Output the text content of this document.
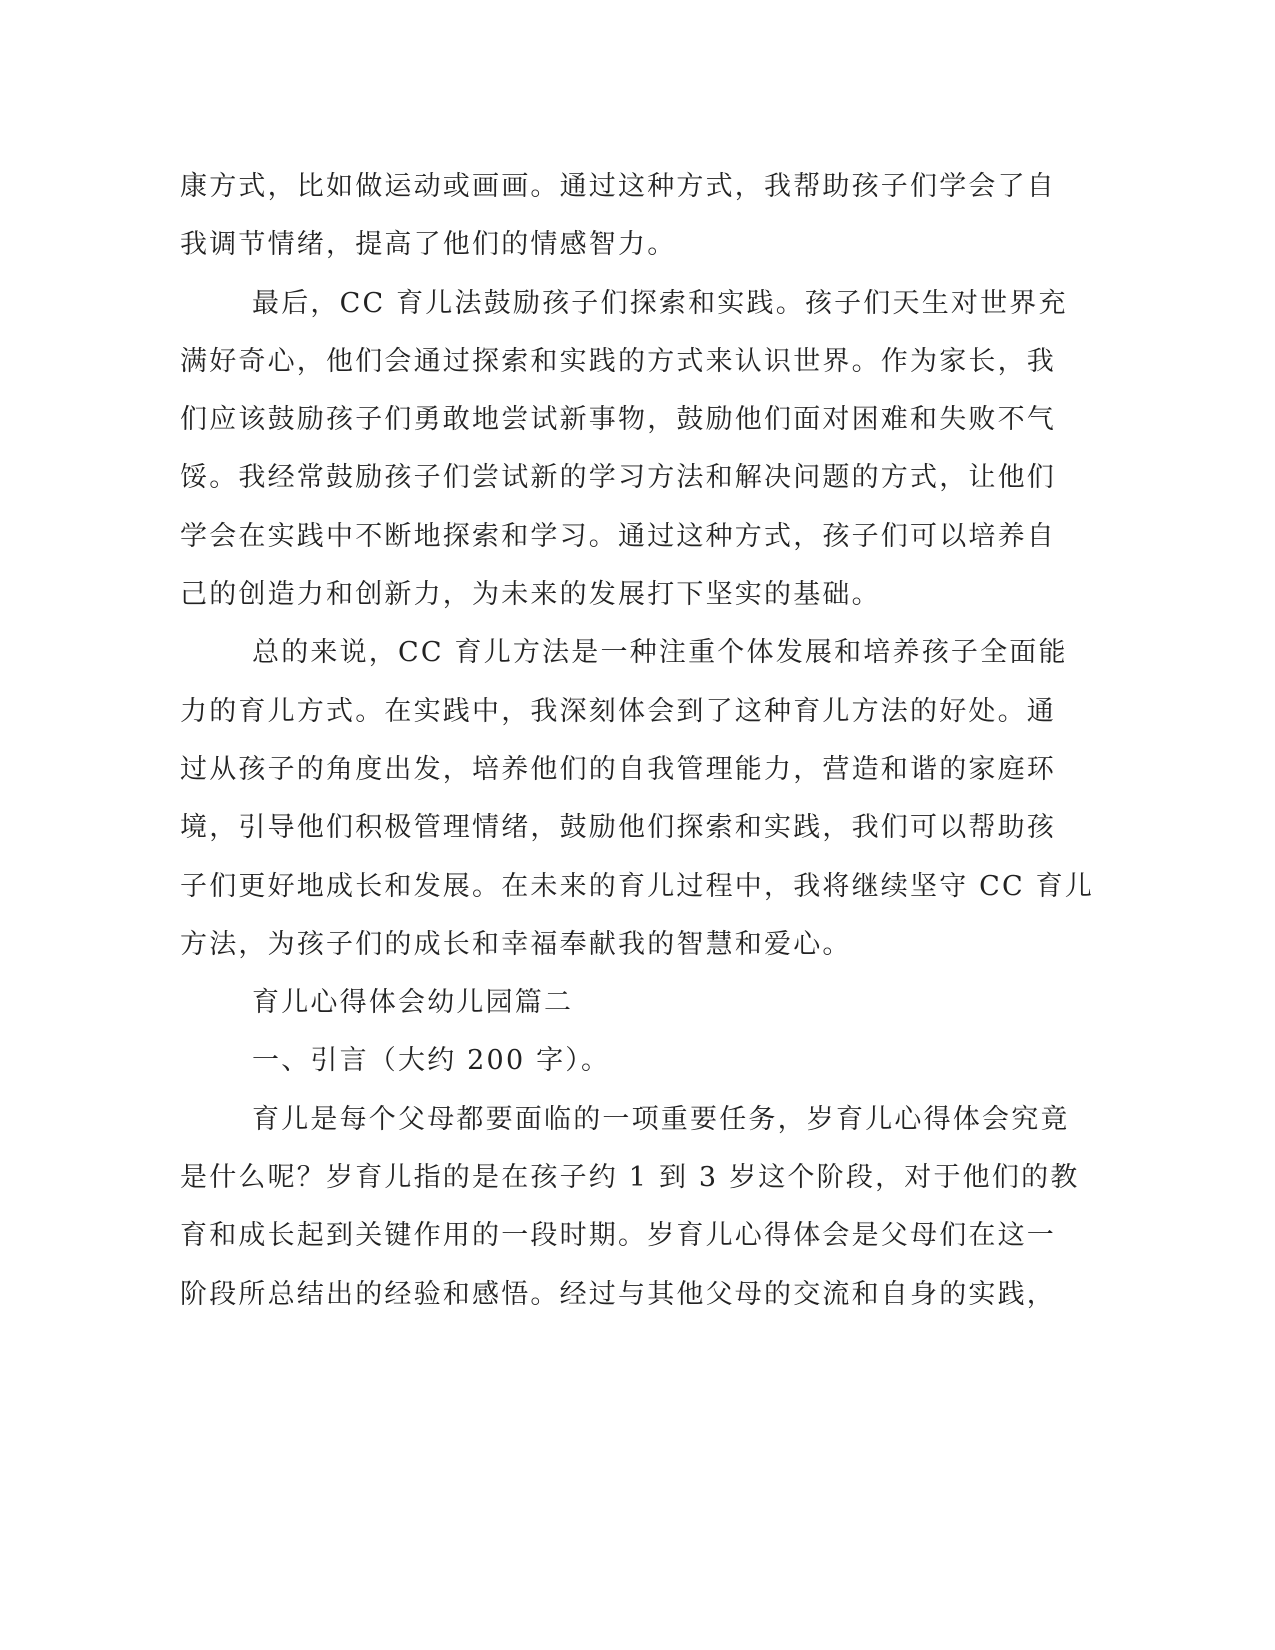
康方式，比如做运动或画画。通过这种方式，我帮助孩子们学会了自
我调节情绪，提高了他们的情感智力。
最后，CC 育儿法鼓励孩子们探索和实践。孩子们天生对世界充
满好奇心，他们会通过探索和实践的方式来认识世界。作为家长，我
们应该鼓励孩子们勇敢地尝试新事物，鼓励他们面对困难和失败不气
馁。我经常鼓励孩子们尝试新的学习方法和解决问题的方式，让他们
学会在实践中不断地探索和学习。通过这种方式，孩子们可以培养自
己的创造力和创新力，为未来的发展打下坚实的基础。
总的来说，CC 育儿方法是一种注重个体发展和培养孩子全面能
力的育儿方式。在实践中，我深刻体会到了这种育儿方法的好处。通
过从孩子的角度出发，培养他们的自我管理能力，营造和谐的家庭环
境，引导他们积极管理情绪，鼓励他们探索和实践，我们可以帮助孩
子们更好地成长和发展。在未来的育儿过程中，我将继续坚守 CC 育儿
方法，为孩子们的成长和幸福奉献我的智慧和爱心。
育儿心得体会幼儿园篇二
一、引言（大约 200 字）。
育儿是每个父母都要面临的一项重要任务，岁育儿心得体会究竟
是什么呢？岁育儿指的是在孩子约 1 到 3 岁这个阶段，对于他们的教
育和成长起到关键作用的一段时期。岁育儿心得体会是父母们在这一
阶段所总结出的经验和感悟。经过与其他父母的交流和自身的实践，
